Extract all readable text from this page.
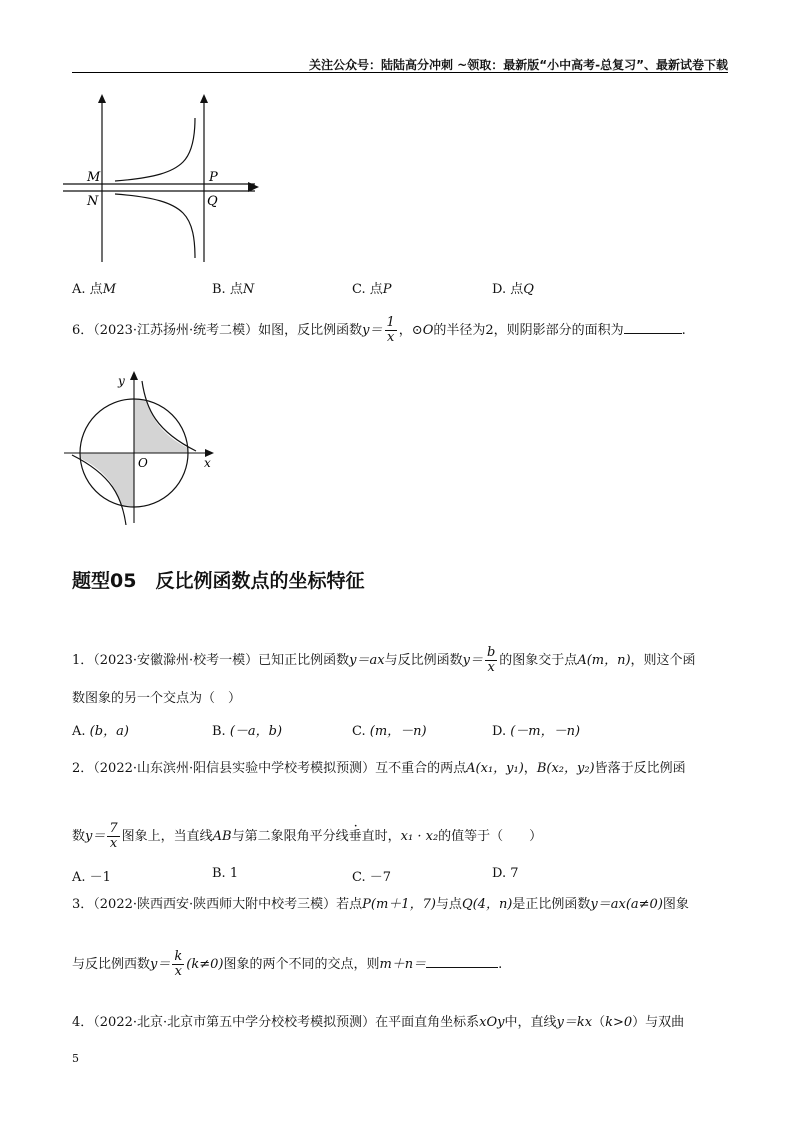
关注公众号：陆陆高分冲刺 ~领取：最新版“小中高考-总复习”、最新试卷下载
M
N
P
Q
A. 点M	B. 点N	C. 点P	D. 点Q
6．（2023·江苏扬州·统考二模）如图，反比例函数$y= \frac{1}{x}$ ，⊙O的半径为2，则阴影部分的面积为	.
y
x
O
题型05　反比例函数点的坐标特征
1．（2023·安徽滁州·校考一模）已知正比例函数y＝ax与反比例函数$y= \frac{b}{x}$ 的图象交于点A(m，n)，则这个函
数图象的另一个交点为（　）
A. (b，a)	B. (－a，b)	C. (m，－n)	D. (－m，－n)
2．（2022·山东滨州·阳信县实验中学校考模拟预测）互不重合的两点A(x₁，y₁)，B(x₂，y₂)皆落于反比例函
数$y= \frac{7}{x}$ 图象上，当直线AB与第二象限角平分线垂直时，x₁ · x₂的值等于（　　）
A. －1	B. 1	C. －7	D. 7
3．（2022·陕西西安·陕西师大附中校考三模）若点P(m＋1，7)与点Q(4，n)是正比例函数y＝ax(a≠0)图象
与反比例西数$y= \frac{k}{x} (k\ne 0)$图象的两个不同的交点，则m＋n＝	.
4．（2022·北京·北京市第五中学分校校考模拟预测）在平面直角坐标系xOy中，直线y＝kx（k>0）与双曲
5
